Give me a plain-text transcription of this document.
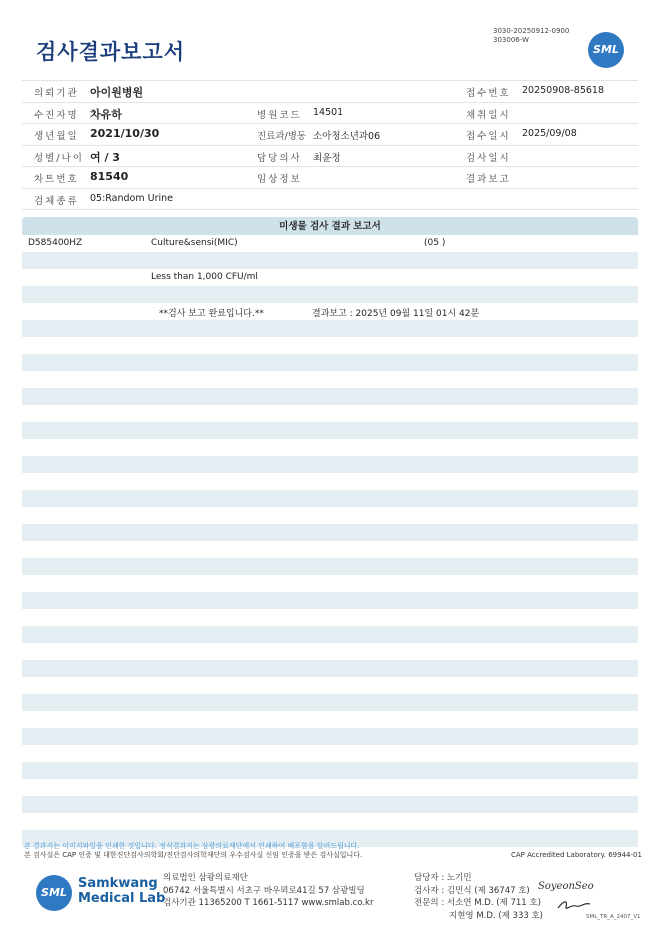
검사결과보고서
3030-20250912-0900
303006-W
SML
의뢰기관 아이원병원	접수번호 20250908-85618
수진자명 차유하	병원코드 14501	채취일시
생년월일 2021/10/30	진료과/병동 소아청소년과06	접수일시 2025/09/08
성별/나이 여 / 3	담당의사 최윤정	검사일시
차트번호 81540	임상정보	결과보고
검체종류 05:Random Urine
미생물 검사 결과 보고서
D585400HZ	Culture&sensi(MIC)	(05 )
Less than 1,000 CFU/ml
**검사 보고 완료입니다.**	결과보고 : 2025년 09월 11일 01시 42분
본 결과지는 이미지파일을 인쇄한 것입니다. 정식결과지는 삼광의료재단에서 인쇄하여 배포함을 알려드립니다.
본 검사실은 CAP 인증 및 대한진단검사의학회/진단검사의학재단의 우수검사실 신임 인증을 받은 검사실입니다.	CAP Accredited Laboratory. 69944-01
SML
Samkwang
Medical Lab
의료법인 삼광의료재단
06742 서울특별시 서초구 바우뫼로41길 57 삼광빌딩
검사기관 11365200 T 1661-5117 www.smlab.co.kr
담당자 : 노기민
검사자 : 김민식 (제 36747 호)
전문의 : 서소연 M.D. (제 711 호)
지현영 M.D. (제 333 호)
SoyeonSeo
SML_TR_A_2407_V1
